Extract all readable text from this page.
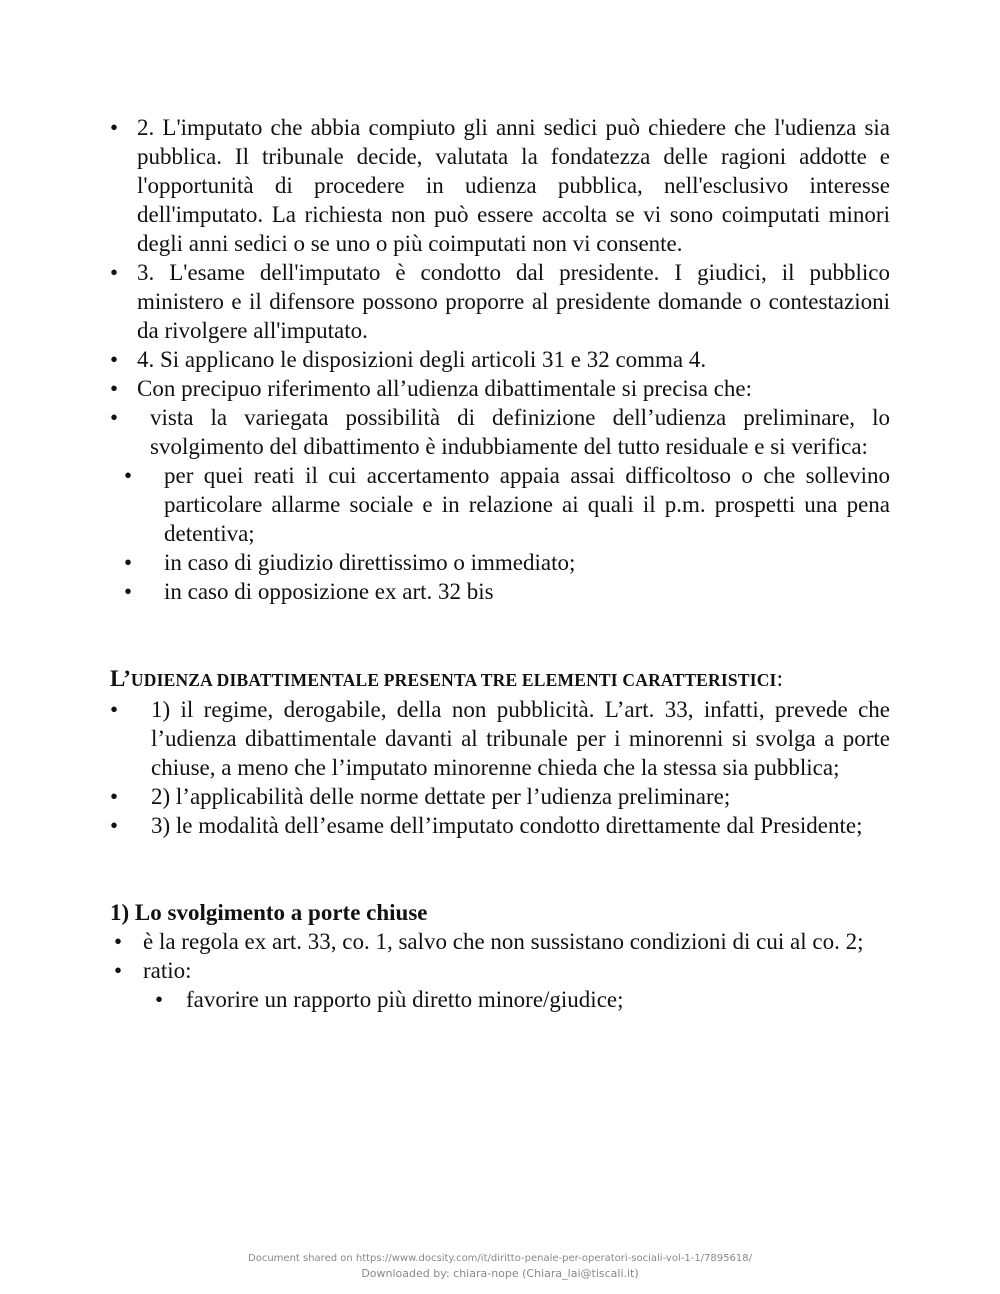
• 2. L'imputato che abbia compiuto gli anni sedici può chiedere che l'udienza sia pubblica. Il tribunale decide, valutata la fondatezza delle ragioni addotte e l'opportunità di procedere in udienza pubblica, nell'esclusivo interesse dell'imputato. La richiesta non può essere accolta se vi sono coimputati minori degli anni sedici o se uno o più coimputati non vi consente.
• 3. L'esame dell'imputato è condotto dal presidente. I giudici, il pubblico ministero e il difensore possono proporre al presidente domande o contestazioni da rivolgere all'imputato.
• 4. Si applicano le disposizioni degli articoli 31 e 32 comma 4.
• Con precipuo riferimento all’udienza dibattimentale si precisa che:
• vista la variegata possibilità di definizione dell’udienza preliminare, lo svolgimento del dibattimento è indubbiamente del tutto residuale e si verifica:
• per quei reati il cui accertamento appaia assai difficoltoso o che sollevino particolare allarme sociale e in relazione ai quali il p.m. prospetti una pena detentiva;
• in caso di giudizio direttissimo o immediato;
• in caso di opposizione ex art. 32 bis
L’UDIENZA DIBATTIMENTALE PRESENTA TRE ELEMENTI CARATTERISTICI:
• 1) il regime, derogabile, della non pubblicità. L’art. 33, infatti, prevede che l’udienza dibattimentale davanti al tribunale per i minorenni si svolga a porte chiuse, a meno che l’imputato minorenne chieda che la stessa sia pubblica;
• 2) l’applicabilità delle norme dettate per l’udienza preliminare;
• 3) le modalità dell’esame dell’imputato condotto direttamente dal Presidente;
1) Lo svolgimento a porte chiuse
• è la regola ex art. 33, co. 1, salvo che non sussistano condizioni di cui al co. 2;
• ratio:
• favorire un rapporto più diretto minore/giudice;
Document shared on https://www.docsity.com/it/diritto-penale-per-operatori-sociali-vol-1-1/7895618/
Downloaded by: chiara-nope (Chiara_lai@tiscali.it)
